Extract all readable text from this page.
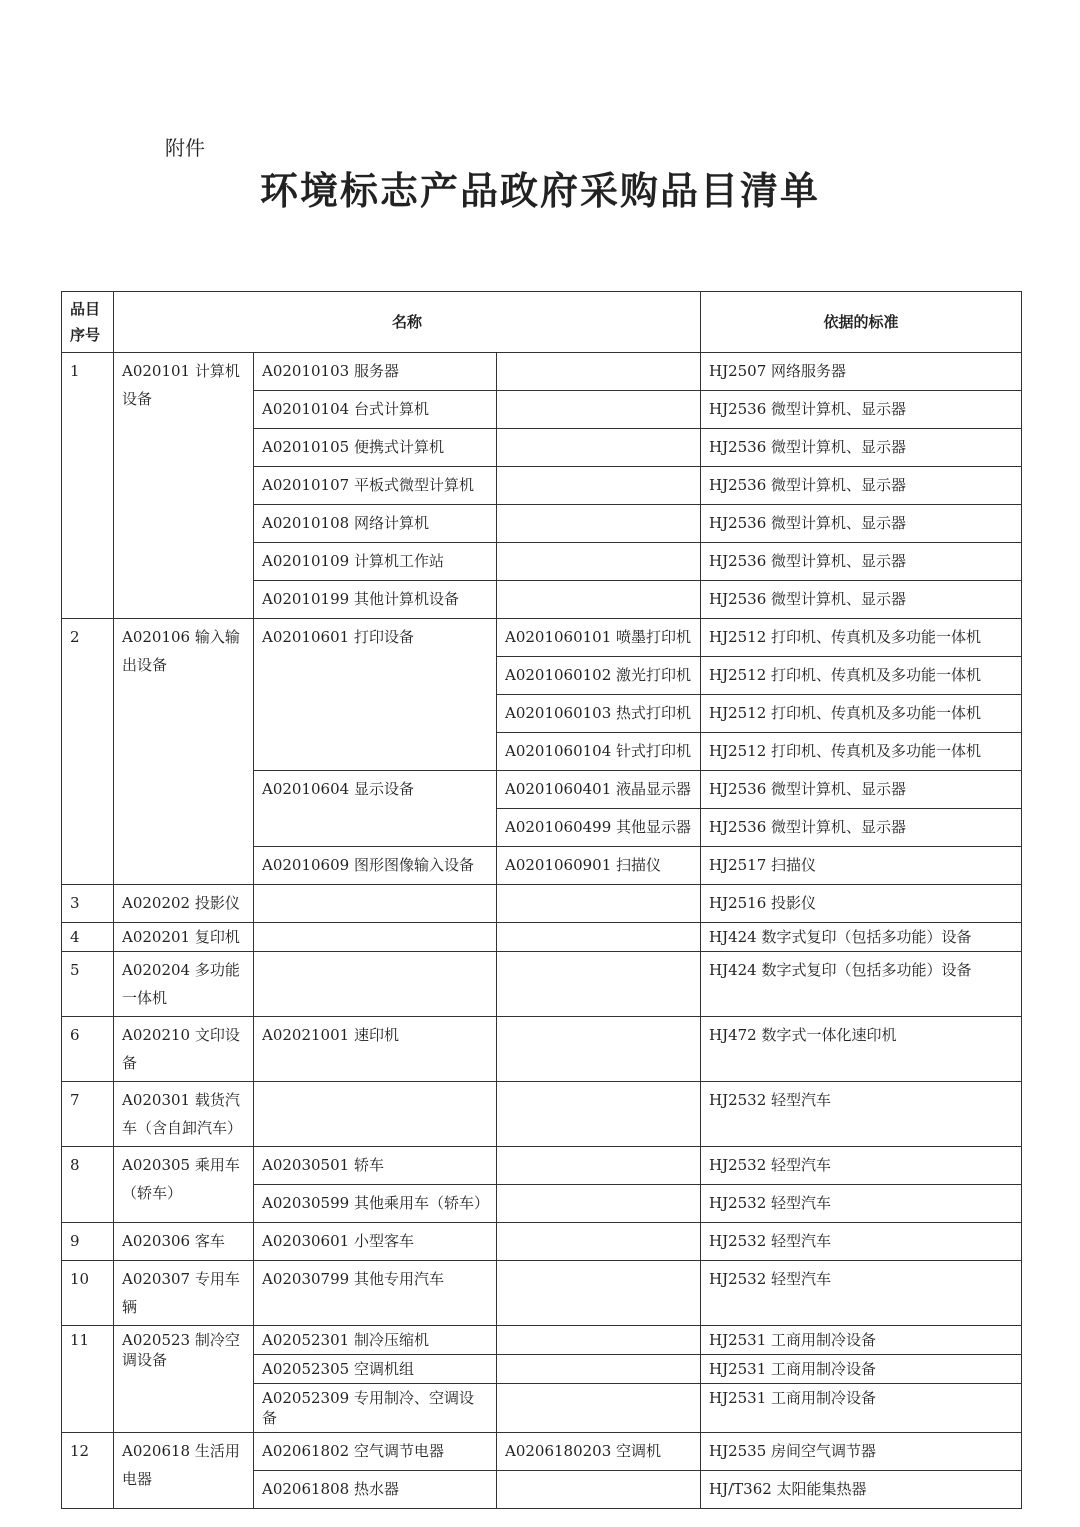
附件
环境标志产品政府采购品目清单
品目
序号	名称			依据的标准
1	A020101 计算机设备	A02010103 服务器		HJ2507 网络服务器
		A02010104 台式计算机		HJ2536 微型计算机、显示器
		A02010105 便携式计算机		HJ2536 微型计算机、显示器
		A02010107 平板式微型计算机		HJ2536 微型计算机、显示器
		A02010108 网络计算机		HJ2536 微型计算机、显示器
		A02010109 计算机工作站		HJ2536 微型计算机、显示器
		A02010199 其他计算机设备		HJ2536 微型计算机、显示器
2	A020106 输入输出设备	A02010601 打印设备	A0201060101 喷墨打印机	HJ2512 打印机、传真机及多功能一体机
			A0201060102 激光打印机	HJ2512 打印机、传真机及多功能一体机
			A0201060103 热式打印机	HJ2512 打印机、传真机及多功能一体机
			A0201060104 针式打印机	HJ2512 打印机、传真机及多功能一体机
		A02010604 显示设备	A0201060401 液晶显示器	HJ2536 微型计算机、显示器
			A0201060499 其他显示器	HJ2536 微型计算机、显示器
		A02010609 图形图像输入设备	A0201060901 扫描仪	HJ2517 扫描仪
3	A020202 投影仪			HJ2516 投影仪
4	A020201 复印机			HJ424 数字式复印（包括多功能）设备
5	A020204 多功能一体机			HJ424 数字式复印（包括多功能）设备
6	A020210 文印设备	A02021001 速印机		HJ472 数字式一体化速印机
7	A020301 载货汽车（含自卸汽车）			HJ2532 轻型汽车
8	A020305 乘用车（轿车）	A02030501 轿车		HJ2532 轻型汽车
		A02030599 其他乘用车（轿车）		HJ2532 轻型汽车
9	A020306 客车	A02030601 小型客车		HJ2532 轻型汽车
10	A020307 专用车辆	A02030799 其他专用汽车		HJ2532 轻型汽车
11	A020523 制冷空调设备	A02052301 制冷压缩机		HJ2531 工商用制冷设备
		A02052305 空调机组		HJ2531 工商用制冷设备
		A02052309 专用制冷、空调设备		HJ2531 工商用制冷设备
12	A020618 生活用电器	A02061802 空气调节电器	A0206180203 空调机	HJ2535 房间空气调节器
		A02061808 热水器		HJ/T362 太阳能集热器
